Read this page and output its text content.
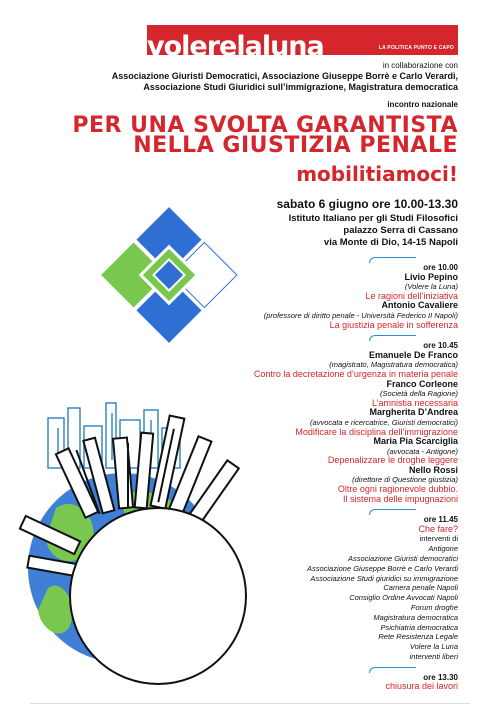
volerelaluna	LA POLITICA PUNTO E CAPO
in collaborazione con
Associazione Giuristi Democratici, Associazione Giuseppe Borrè e Carlo Verardi,
Associazione Studi Giuridici sull’immigrazione, Magistratura democratica
incontro nazionale
PER UNA SVOLTA GARANTISTA
NELLA GIUSTIZIA PENALE
mobilitiamoci!
sabato 6 giugno ore 10.00-13.30
Istituto Italiano per gli Studi Filosofici
palazzo Serra di Cassano
via Monte di Dio, 14-15 Napoli
ore 10.00
Livio Pepino
(Volere la Luna)
Le ragioni dell’iniziativa
Antonio Cavaliere
(professore di diritto penale - Università Federico II Napoli)
La giustizia penale in sofferenza
ore 10.45
Emanuele De Franco
(magistrato, Magistratura democratica)
Contro la decretazione d’urgenza in materia penale
Franco Corleone
(Società della Ragione)
L’amnistia necessaria
Margherita D’Andrea
(avvocata e ricercatrice, Giuristi democratici)
Modificare la disciplina dell’immigrazione
Maria Pia Scarciglia
(avvocata - Antigone)
Depenalizzare le droghe leggere
Nello Rossi
(direttore di Questione giustizia)
Oltre ogni ragionevole dubbio.
Il sistema delle impugnazioni
ore 11.45
Che fare?
interventi di
Antigone
Associazione Giuristi democratici
Associazione Giuseppe Borrè e Carlo Verardi
Associazione Studi giuridici su immigrazione
Camera penale Napoli
Consiglio Ordine Avvocati Napoli
Forum droghe
Magistratura democratica
Psichiatria democratica
Rete Resistenza Legale
Volere la Luna
interventi liberi
ore 13.30
chiusura dei lavori
